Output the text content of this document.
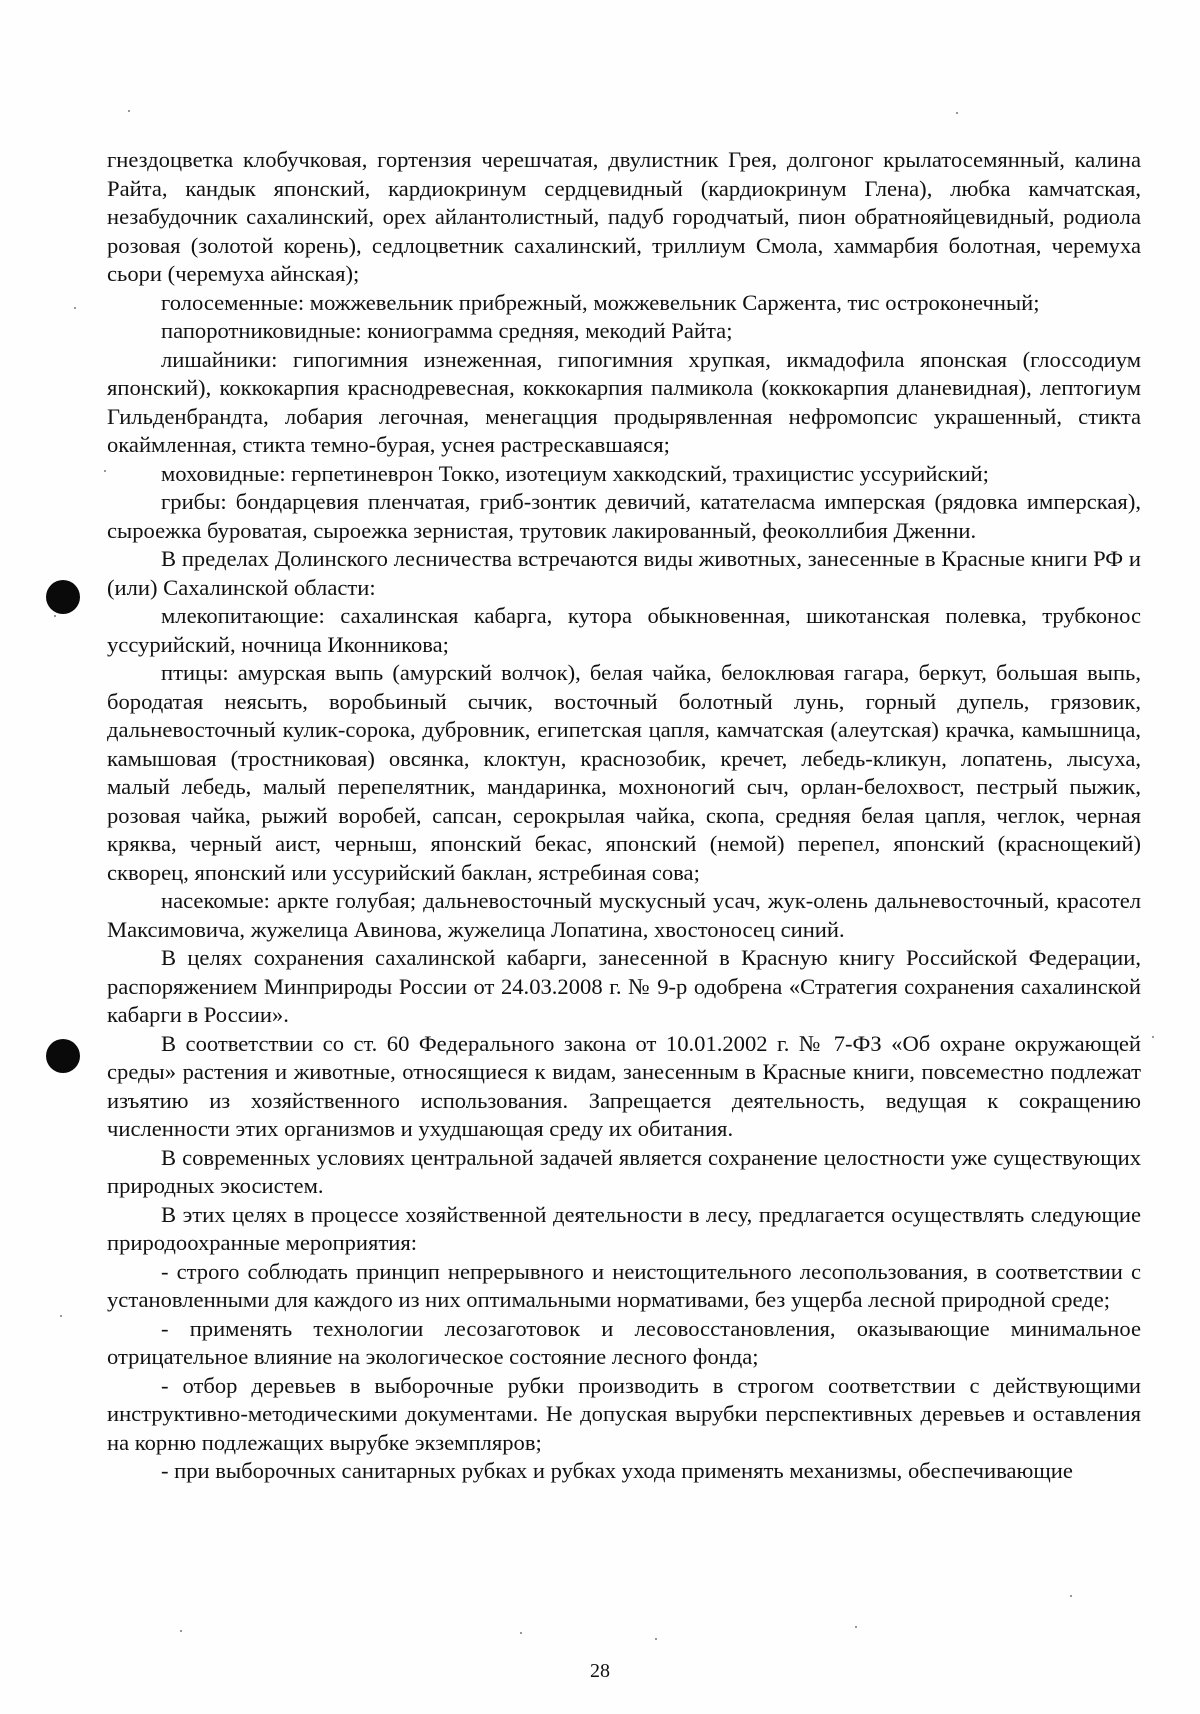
гнездоцветка клобучковая, гортензия черешчатая, двулистник Грея, долгоног крылатосемянный, калина Райта, кандык японский, кардиокринум сердцевидный (кардиокринум Глена), любка камчатская, незабудочник сахалинский, орех айлантолистный, падуб городчатый, пион обратнояйцевидный, родиола розовая (золотой корень), седлоцветник сахалинский, триллиум Смола, хаммарбия болотная, черемуха сьори (черемуха айнская);

голосеменные: можжевельник прибрежный, можжевельник Саржента, тис остроконечный;

папоротниковидные: кониограмма средняя, мекодий Райта;

лишайники: гипогимния изнеженная, гипогимния хрупкая, икмадофила японская (глоссодиум японский), коккокарпия краснодревесная, коккокарпия палмикола (коккокарпия дланевидная), лептогиум Гильденбрандта, лобария легочная, менегацция продырявленная нефромопсис украшенный, стикта окаймленная, стикта темно-бурая, уснея растрескавшаяся;

моховидные: герпетиневрон Токко, изотециум хаккодский, трахицистис уссурийский;

грибы: бондарцевия пленчатая, гриб-зонтик девичий, катателасма имперская (рядовка имперская), сыроежка буроватая, сыроежка зернистая, трутовик лакированный, феоколлибия Дженни.

В пределах Долинского лесничества встречаются виды животных, занесенные в Красные книги РФ и (или) Сахалинской области:

млекопитающие: сахалинская кабарга, кутора обыкновенная, шикотанская полевка, трубконос уссурийский, ночница Иконникова;

птицы: амурская выпь (амурский волчок), белая чайка, белоклювая гагара, беркут, большая выпь, бородатая неясыть, воробьиный сычик, восточный болотный лунь, горный дупель, грязовик, дальневосточный кулик-сорока, дубровник, египетская цапля, камчатская (алеутская) крачка, камышница, камышовая (тростниковая) овсянка, клоктун, краснозобик, кречет, лебедь-кликун, лопатень, лысуха, малый лебедь, малый перепелятник, мандаринка, мохноногий сыч, орлан-белохвост, пестрый пыжик, розовая чайка, рыжий воробей, сапсан, серокрылая чайка, скопа, средняя белая цапля, чеглок, черная кряква, черный аист, черныш, японский бекас, японский (немой) перепел, японский (краснощекий) скворец, японский или уссурийский баклан, ястребиная сова;

насекомые: аркте голубая; дальневосточный мускусный усач, жук-олень дальневосточный, красотел Максимовича, жужелица Авинова, жужелица Лопатина, хвостоносец синий.

В целях сохранения сахалинской кабарги, занесенной в Красную книгу Российской Федерации, распоряжением Минприроды России от 24.03.2008 г. № 9-р одобрена «Стратегия сохранения сахалинской кабарги в России».

В соответствии со ст. 60 Федерального закона от 10.01.2002 г. № 7-ФЗ «Об охране окружающей среды» растения и животные, относящиеся к видам, занесенным в Красные книги, повсеместно подлежат изъятию из хозяйственного использования. Запрещается деятельность, ведущая к сокращению численности этих организмов и ухудшающая среду их обитания.

В современных условиях центральной задачей является сохранение целостности уже существующих природных экосистем.

В этих целях в процессе хозяйственной деятельности в лесу, предлагается осуществлять следующие природоохранные мероприятия:

- строго соблюдать принцип непрерывного и неистощительного лесопользования, в соответствии с установленными для каждого из них оптимальными нормативами, без ущерба лесной природной среде;

- применять технологии лесозаготовок и лесовосстановления, оказывающие минимальное отрицательное влияние на экологическое состояние лесного фонда;

- отбор деревьев в выборочные рубки производить в строгом соответствии с действующими инструктивно-методическими документами. Не допуская вырубки перспективных деревьев и оставления на корню подлежащих вырубке экземпляров;

- при выборочных санитарных рубках и рубках ухода применять механизмы, обеспечивающие

28
